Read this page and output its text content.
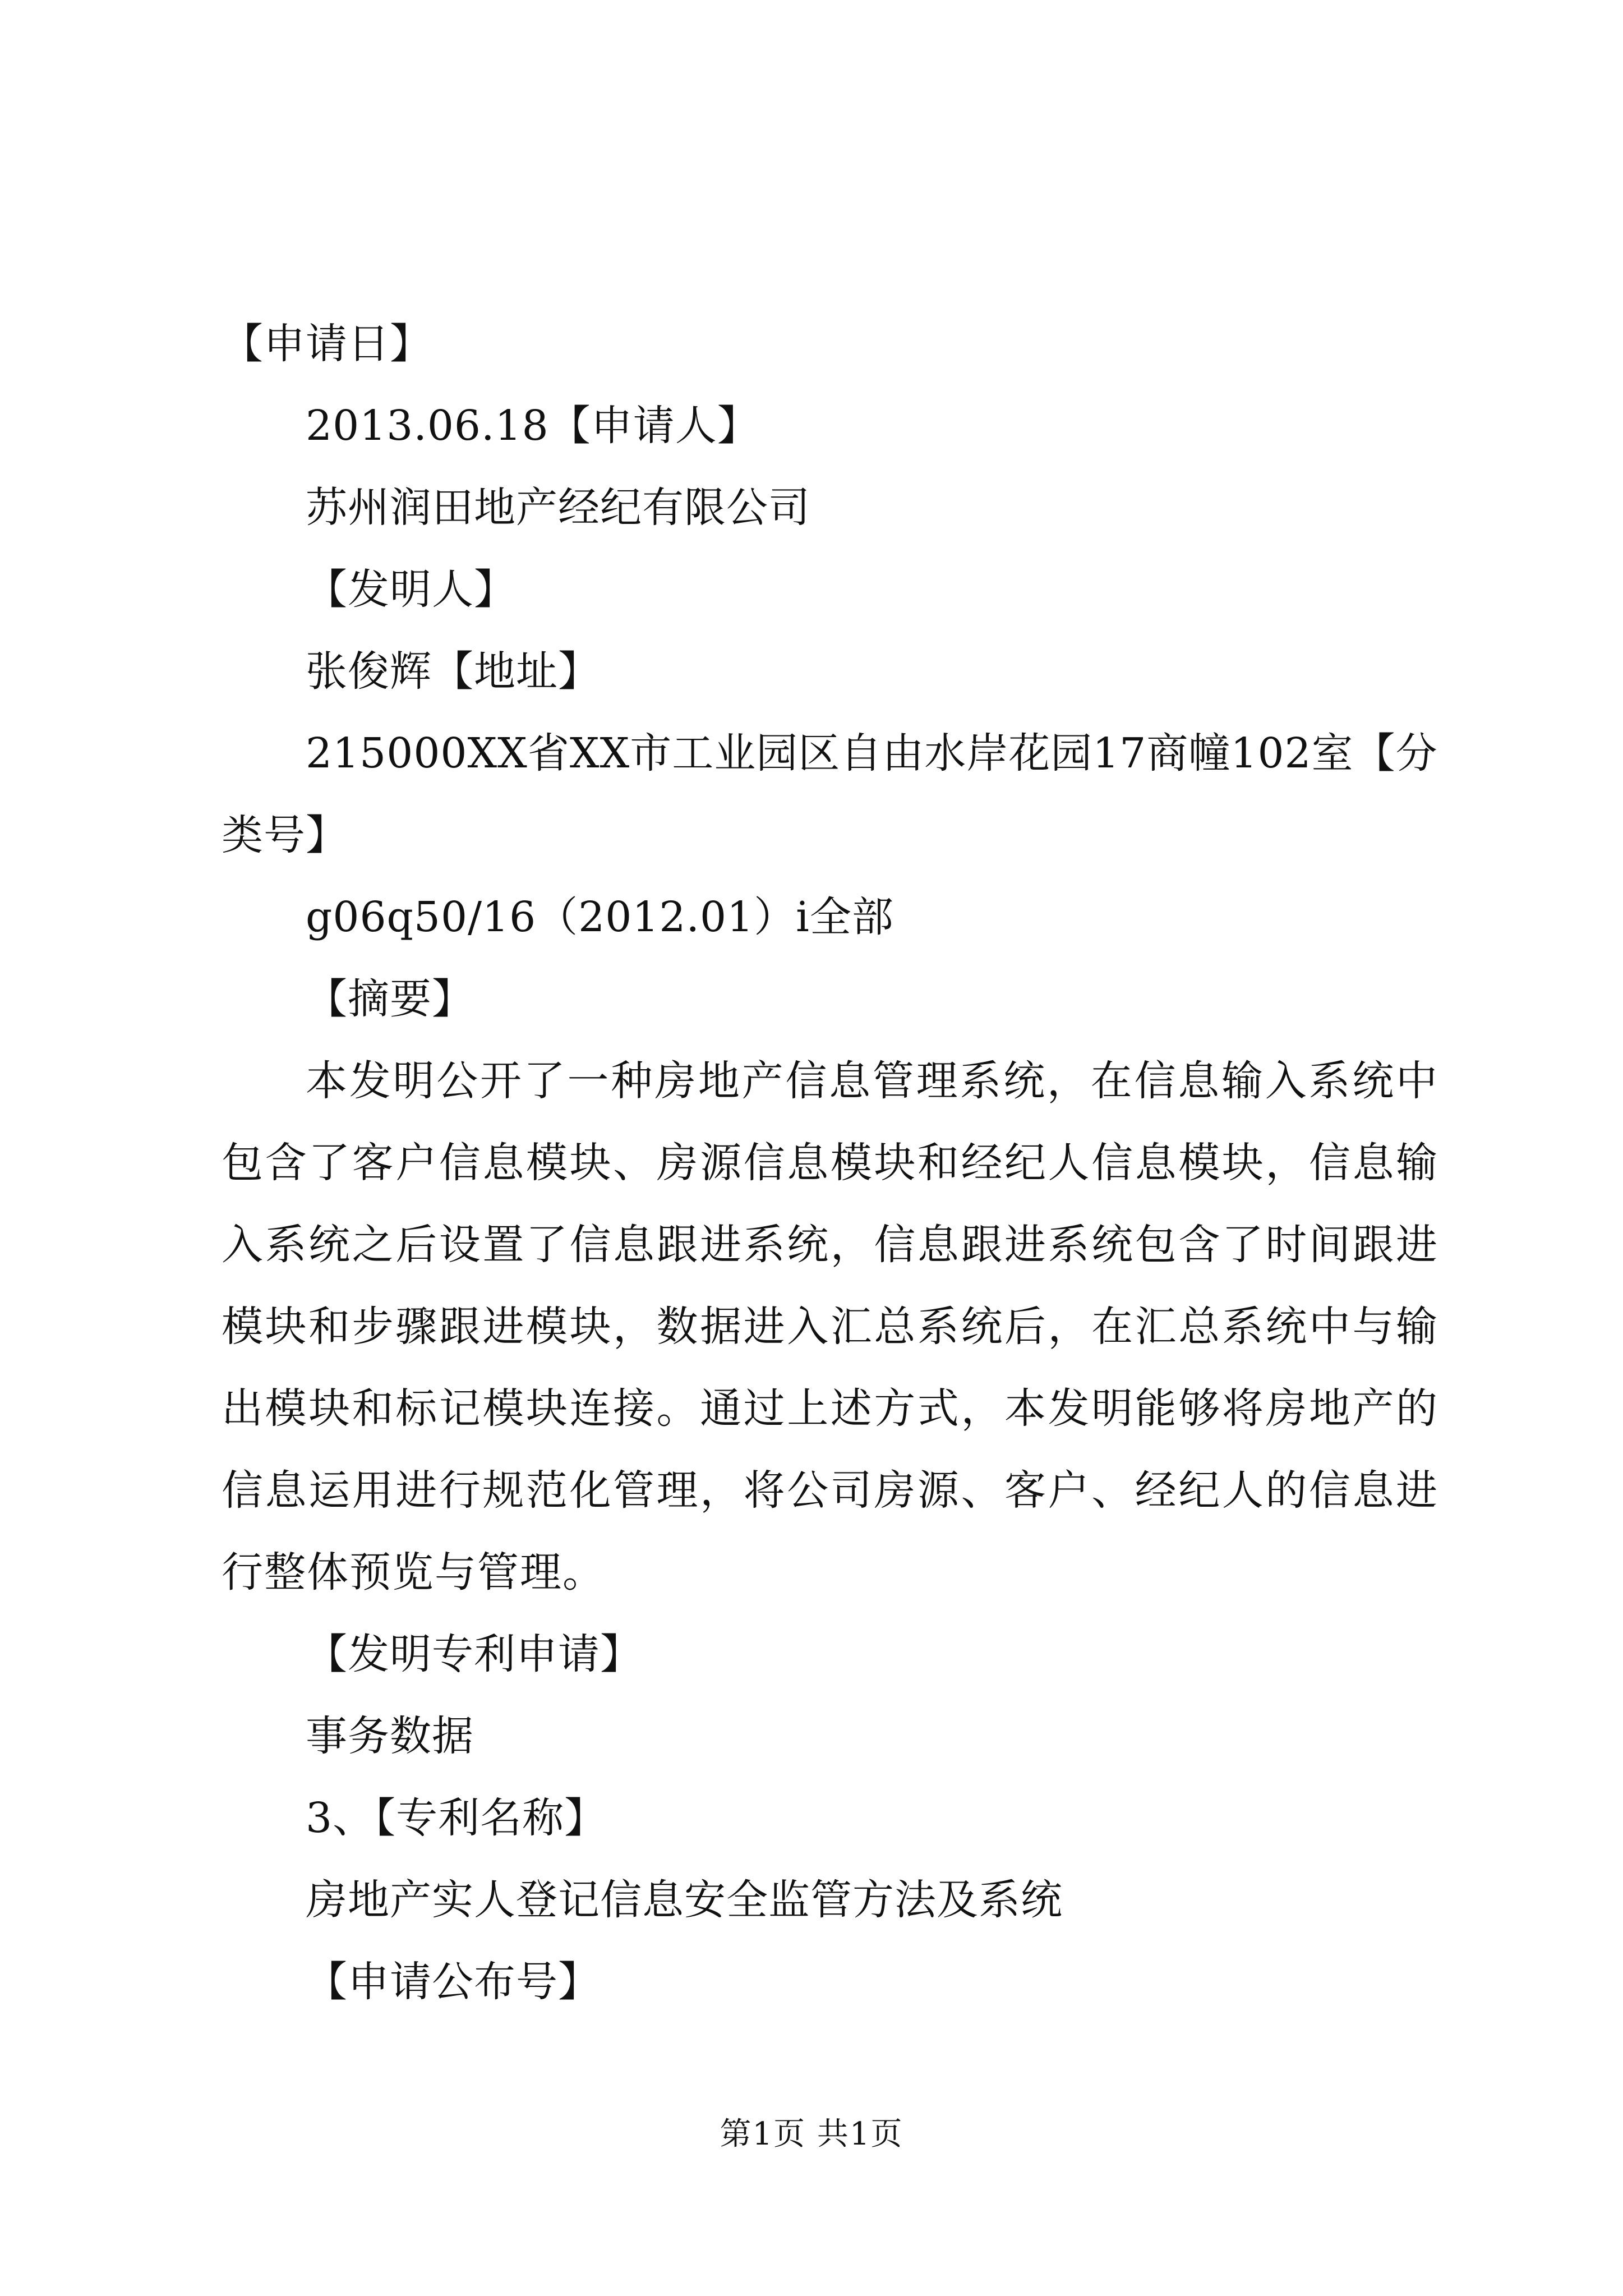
【申请日】
2013.06.18【申请人】
苏州润田地产经纪有限公司
【发明人】
张俊辉【地址】
215000XX省XX市工业园区自由水岸花园17商幢102室【分
类号】
g06q50/16（2012.01）i全部
【摘要】

本发明公开了一种房地产信息管理系统，在信息输入系统中包含了客户信息模块、房源信息模块和经纪人信息模块，信息输入系统之后设置了信息跟进系统，信息跟进系统包含了时间跟进模块和步骤跟进模块，数据进入汇总系统后，在汇总系统中与输出模块和标记模块连接。通过上述方式，本发明能够将房地产的信息运用进行规范化管理，将公司房源、客户、经纪人的信息进行整体预览与管理。

【发明专利申请】
事务数据
3、【专利名称】
房地产实人登记信息安全监管方法及系统
【申请公布号】
第1页 共1页
